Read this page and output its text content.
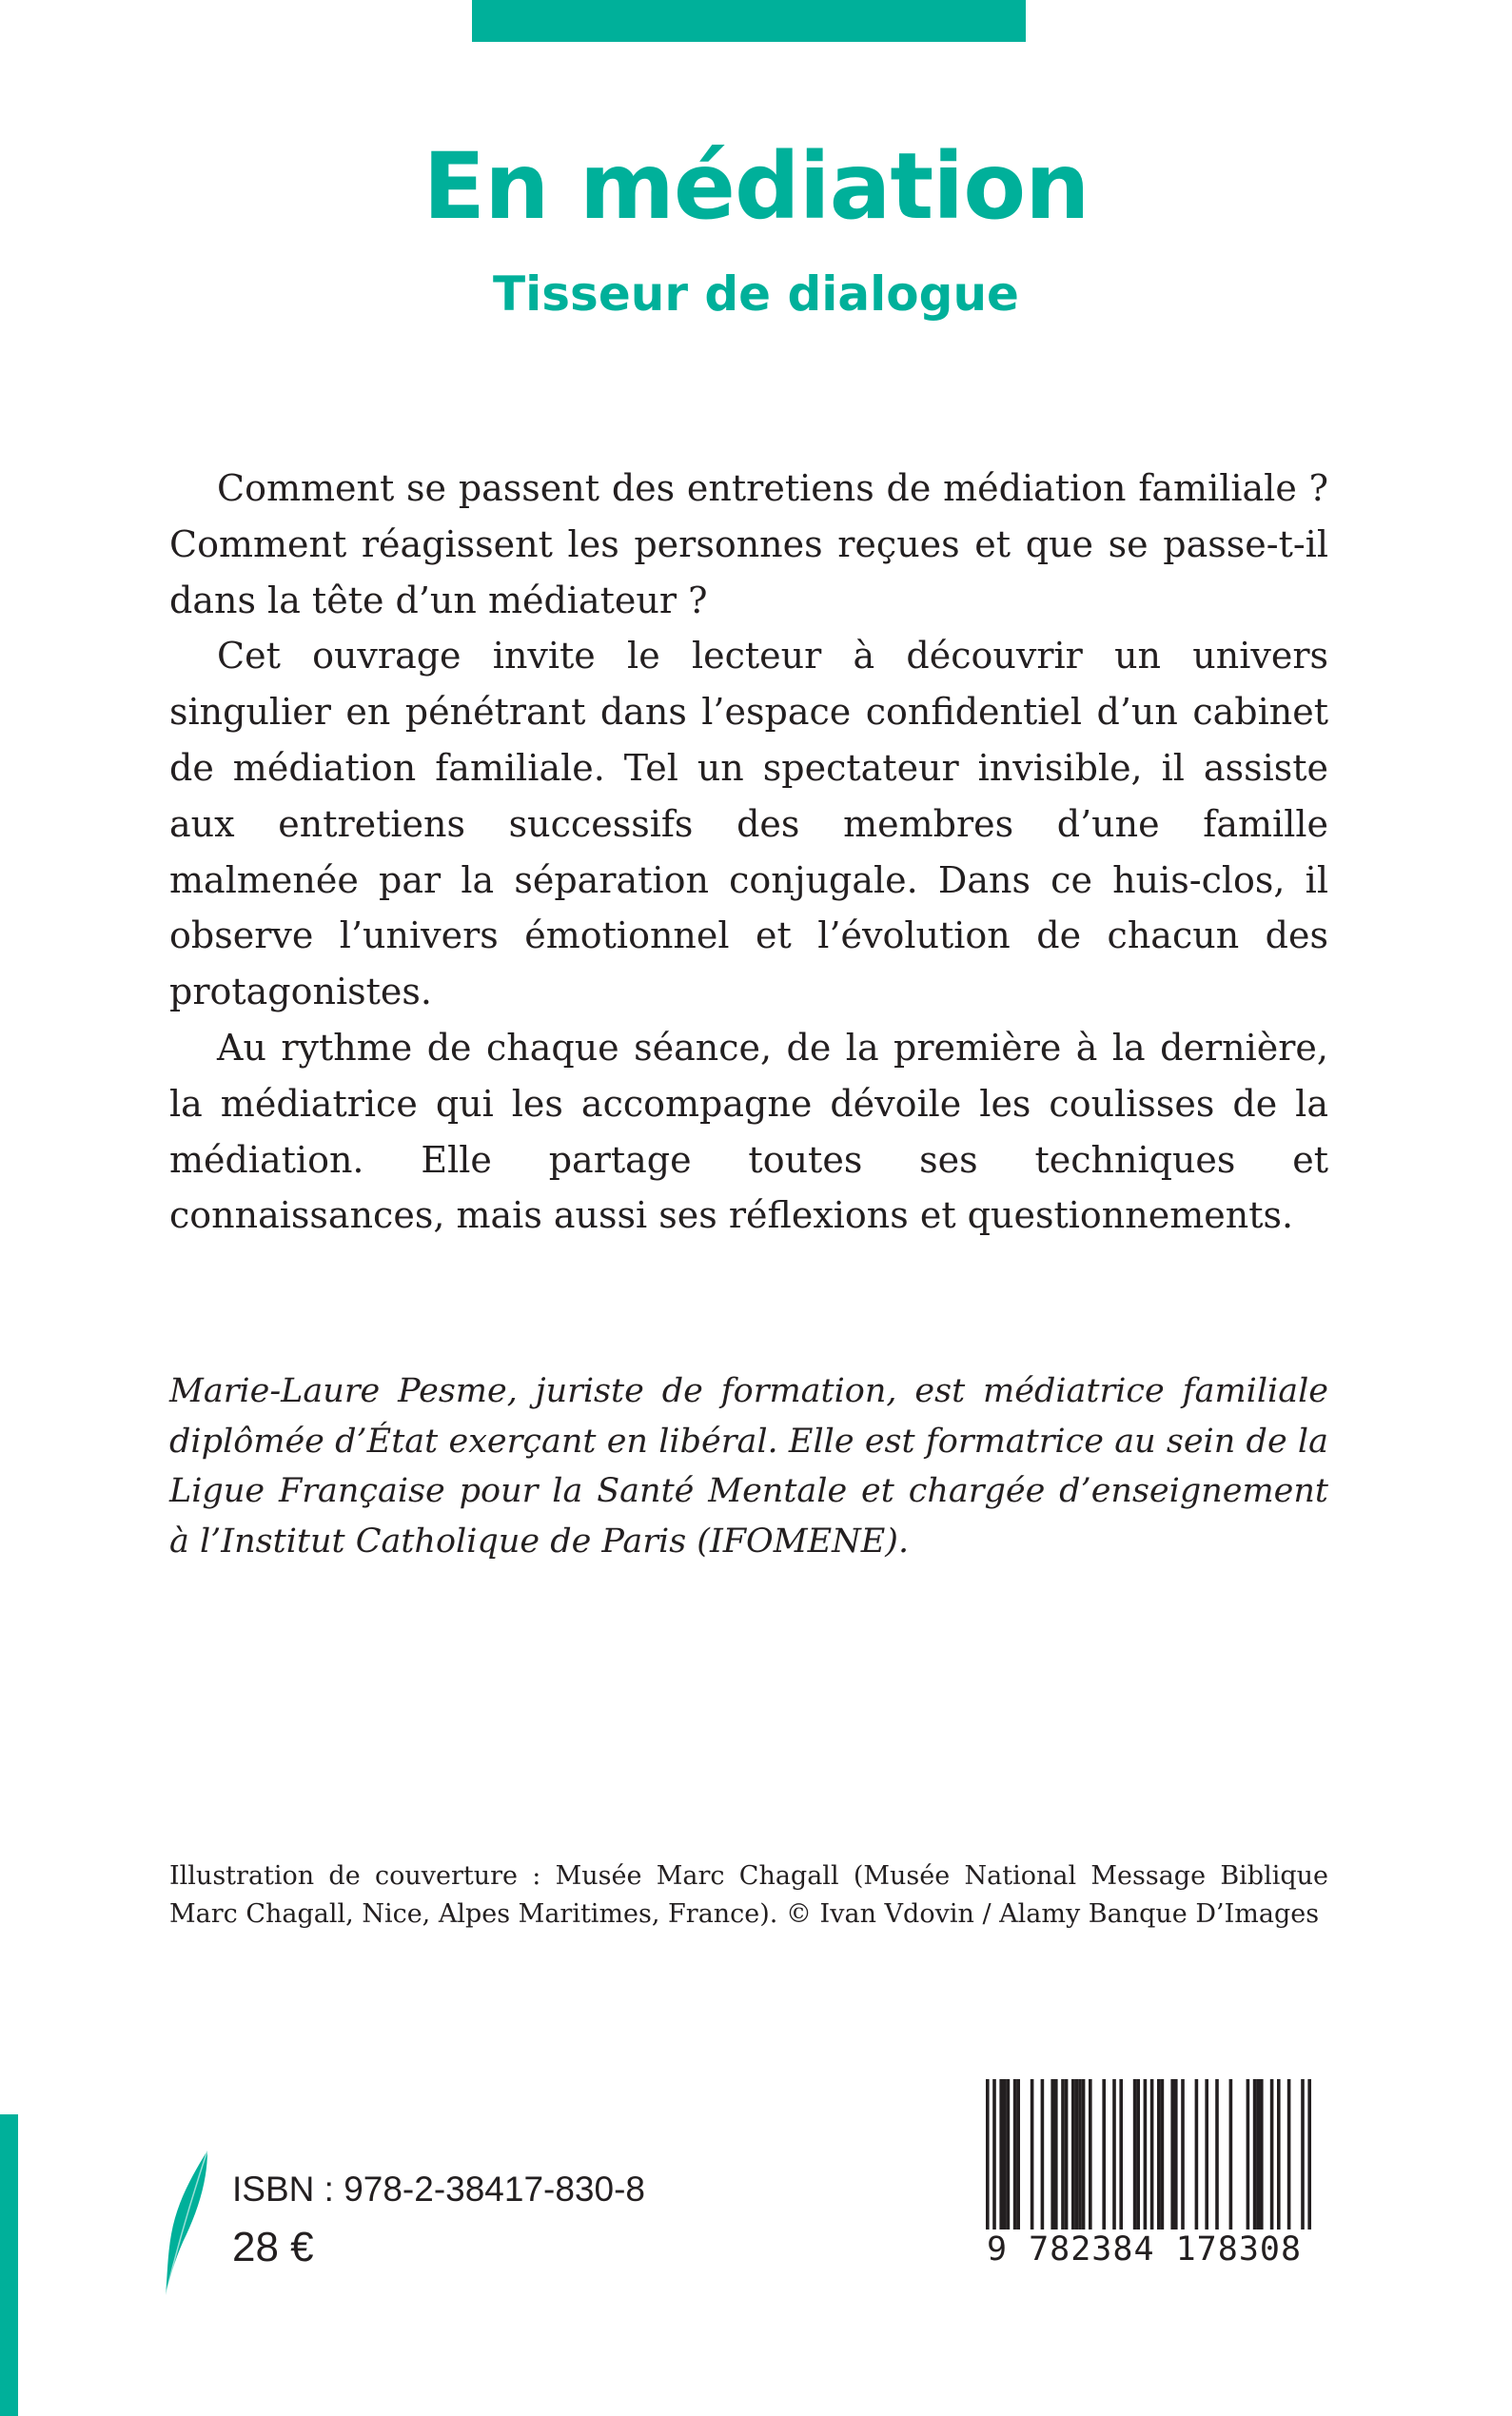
En médiation
Tisseur de dialogue

Comment se passent des entretiens de médiation familiale ? Comment réagissent les personnes reçues et que se passe-t-il dans la tête d’un médiateur ?

Cet ouvrage invite le lecteur à découvrir un univers singulier en pénétrant dans l’espace confidentiel d’un cabinet de médiation familiale. Tel un spectateur invisible, il assiste aux entretiens successifs des membres d’une famille malmenée par la séparation conjugale. Dans ce huis-clos, il observe l’univers émotionnel et l’évolution de chacun des protagonistes.

Au rythme de chaque séance, de la première à la dernière, la médiatrice qui les accompagne dévoile les coulisses de la médiation. Elle partage toutes ses techniques et connaissances, mais aussi ses réflexions et questionnements.

Marie-Laure Pesme, juriste de formation, est médiatrice familiale diplômée d’État exerçant en libéral. Elle est formatrice au sein de la Ligue Française pour la Santé Mentale et chargée d’enseignement à l’Institut Catholique de Paris (IFOMENE).
Illustration de couverture : Musée Marc Chagall (Musée National Message Biblique Marc Chagall, Nice, Alpes Maritimes, France). © Ivan Vdovin / Alamy Banque D’Images
ISBN : 978-2-38417-830-8
28 €	9 782384 178308
